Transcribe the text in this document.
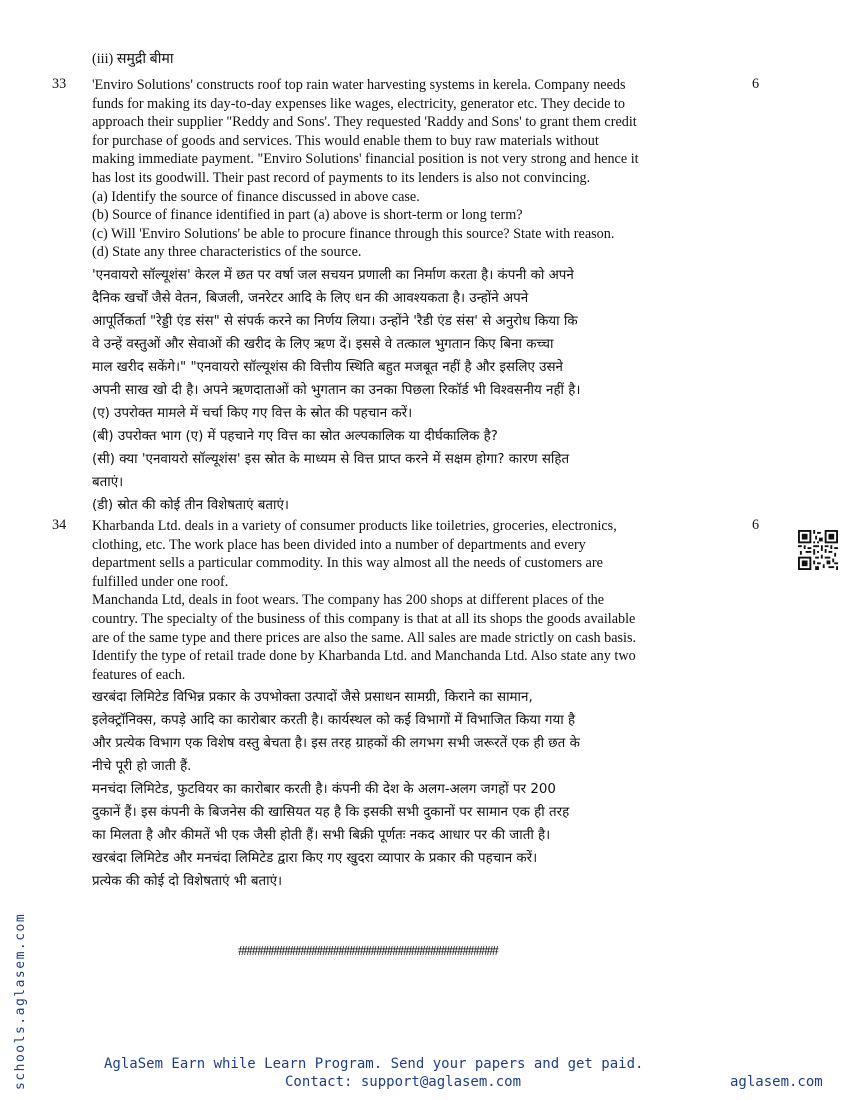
(iii) समुद्री बीमा
33	6
'Enviro Solutions' constructs roof top rain water harvesting systems in kerela. Company needs
funds for making its day-to-day expenses like wages, electricity, generator etc. They decide to
approach their supplier "Reddy and Sons'. They requested 'Raddy and Sons' to grant them credit
for purchase of goods and services. This would enable them to buy raw materials without
making immediate payment. "Enviro Solutions' financial position is not very strong and hence it
has lost its goodwill. Their past record of payments to its lenders is also not convincing.
(a) Identify the source of finance discussed in above case.
(b) Source of finance identified in part (a) above is short-term or long term?
(c) Will 'Enviro Solutions' be able to procure finance through this source? State with reason.
(d) State any three characteristics of the source.
'एनवायरो सॉल्यूशंस' केरल में छत पर वर्षा जल सचयन प्रणाली का निर्माण करता है। कंपनी को अपने
दैनिक खर्चों जैसे वेतन, बिजली, जनरेटर आदि के लिए धन की आवश्यकता है। उन्होंने अपने
आपूर्तिकर्ता "रेड्डी एंड संस" से संपर्क करने का निर्णय लिया। उन्होंने 'रैडी एंड संस' से अनुरोध किया कि
वे उन्हें वस्तुओं और सेवाओं की खरीद के लिए ऋण दें। इससे वे तत्काल भुगतान किए बिना कच्चा
माल खरीद सकेंगे।" "एनवायरो सॉल्यूशंस की वित्तीय स्थिति बहुत मजबूत नहीं है और इसलिए उसने
अपनी साख खो दी है। अपने ऋणदाताओं को भुगतान का उनका पिछला रिकॉर्ड भी विश्वसनीय नहीं है।
(ए) उपरोक्त मामले में चर्चा किए गए वित्त के स्रोत की पहचान करें।
(बी) उपरोक्त भाग (ए) में पहचाने गए वित्त का स्रोत अल्पकालिक या दीर्घकालिक है?
(सी) क्या 'एनवायरो सॉल्यूशंस' इस स्रोत के माध्यम से वित्त प्राप्त करने में सक्षम होगा? कारण सहित
बताएं।
(डी) स्रोत की कोई तीन विशेषताएं बताएं।
34	6
Kharbanda Ltd. deals in a variety of consumer products like toiletries, groceries, electronics,
clothing, etc. The work place has been divided into a number of departments and every
department sells a particular commodity. In this way almost all the needs of customers are
fulfilled under one roof.
Manchanda Ltd, deals in foot wears. The company has 200 shops at different places of the
country. The specialty of the business of this company is that at all its shops the goods available
are of the same type and there prices are also the same. All sales are made strictly on cash basis.
Identify the type of retail trade done by Kharbanda Ltd. and Manchanda Ltd. Also state any two
features of each.
खरबंदा लिमिटेड विभिन्न प्रकार के उपभोक्ता उत्पादों जैसे प्रसाधन सामग्री, किराने का सामान,
इलेक्ट्रॉनिक्स, कपड़े आदि का कारोबार करती है। कार्यस्थल को कई विभागों में विभाजित किया गया है
और प्रत्येक विभाग एक विशेष वस्तु बेचता है। इस तरह ग्राहकों की लगभग सभी जरूरतें एक ही छत के
नीचे पूरी हो जाती हैं.
मनचंदा लिमिटेड, फुटवियर का कारोबार करती है। कंपनी की देश के अलग-अलग जगहों पर 200
दुकानें हैं। इस कंपनी के बिजनेस की खासियत यह है कि इसकी सभी दुकानों पर सामान एक ही तरह
का मिलता है और कीमतें भी एक जैसी होती हैं। सभी बिक्री पूर्णतः नकद आधार पर की जाती है।
खरबंदा लिमिटेड और मनचंदा लिमिटेड द्वारा किए गए खुदरा व्यापार के प्रकार की पहचान करें।
प्रत्येक की कोई दो विशेषताएं भी बताएं।
################################################
schools.aglasem.com	AglaSem Earn while Learn Program. Send your papers and get paid.
Contact: support@aglasem.com	aglasem.com
